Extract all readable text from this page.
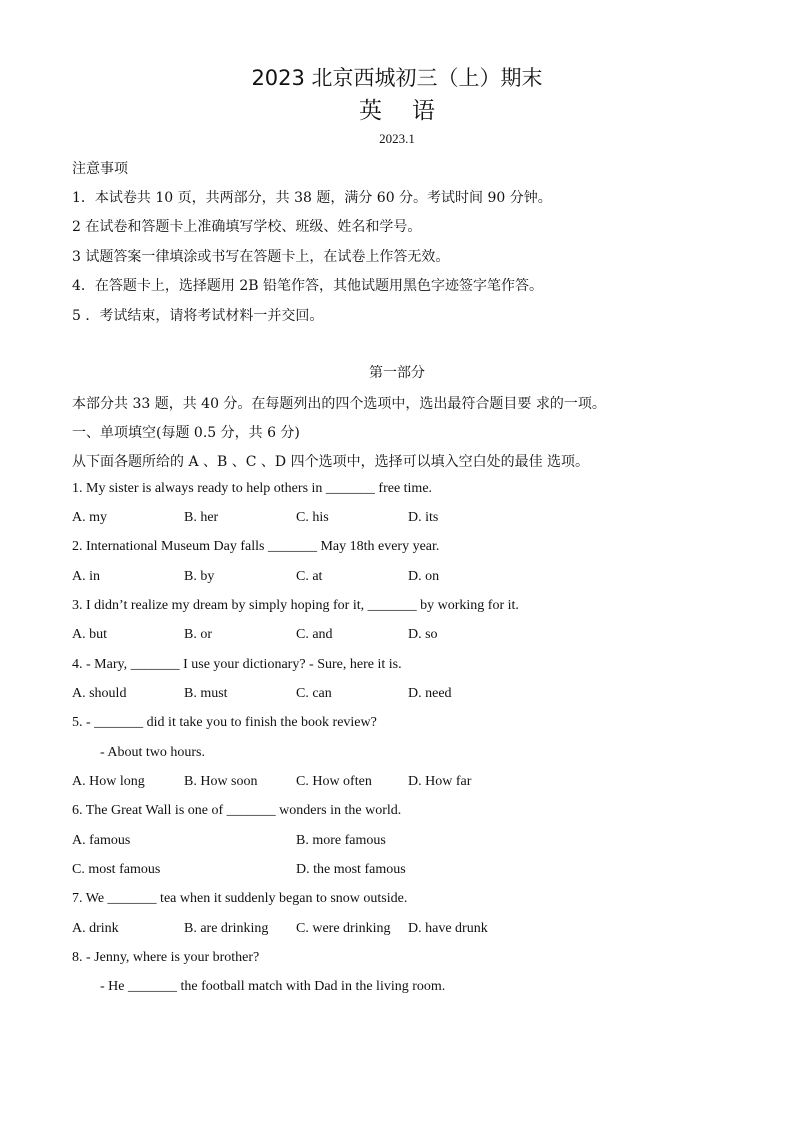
2023 北京西城初三（上）期末
英语
2023.1
注意事项
1．本试卷共 10 页，共两部分，共 38 题，满分 60 分。考试时间 90 分钟。
2 在试卷和答题卡上准确填写学校、班级、姓名和学号。
3 试题答案一律填涂或书写在答题卡上，在试卷上作答无效。
4．在答题卡上，选择题用 2B 铅笔作答，其他试题用黑色字迹签字笔作答。
5 ．考试结束，请将考试材料一并交回。
第一部分
本部分共 33 题，共 40 分。在每题列出的四个选项中，选出最符合题目要 求的一项。
一、单项填空(每题 0.5 分，共 6 分)
从下面各题所给的 A 、B 、C 、D 四个选项中，选择可以填入空白处的最佳 选项。
1. My sister is always ready to help others in _______ free time.
A. my	B. her	C. his	D. its
2. International Museum Day falls _______ May 18th every year.
A. in	B. by	C. at	D. on
3. I didn’t realize my dream by simply hoping for it, _______ by working for it.
A. but	B. or	C. and	D. so
4. - Mary, _______ I use your dictionary? - Sure, here it is.
A. should	B. must	C. can	D. need
5. - _______ did it take you to finish the book review?
- About two hours.
A. How long	B. How soon	C. How often	D. How far
6. The Great Wall is one of _______ wonders in the world.
A. famous	B. more famous
C. most famous	D. the most famous
7. We _______ tea when it suddenly began to snow outside.
A. drink	B. are drinking C. were drinking D. have drunk
8. - Jenny, where is your brother?
- He _______ the football match with Dad in the living room.
